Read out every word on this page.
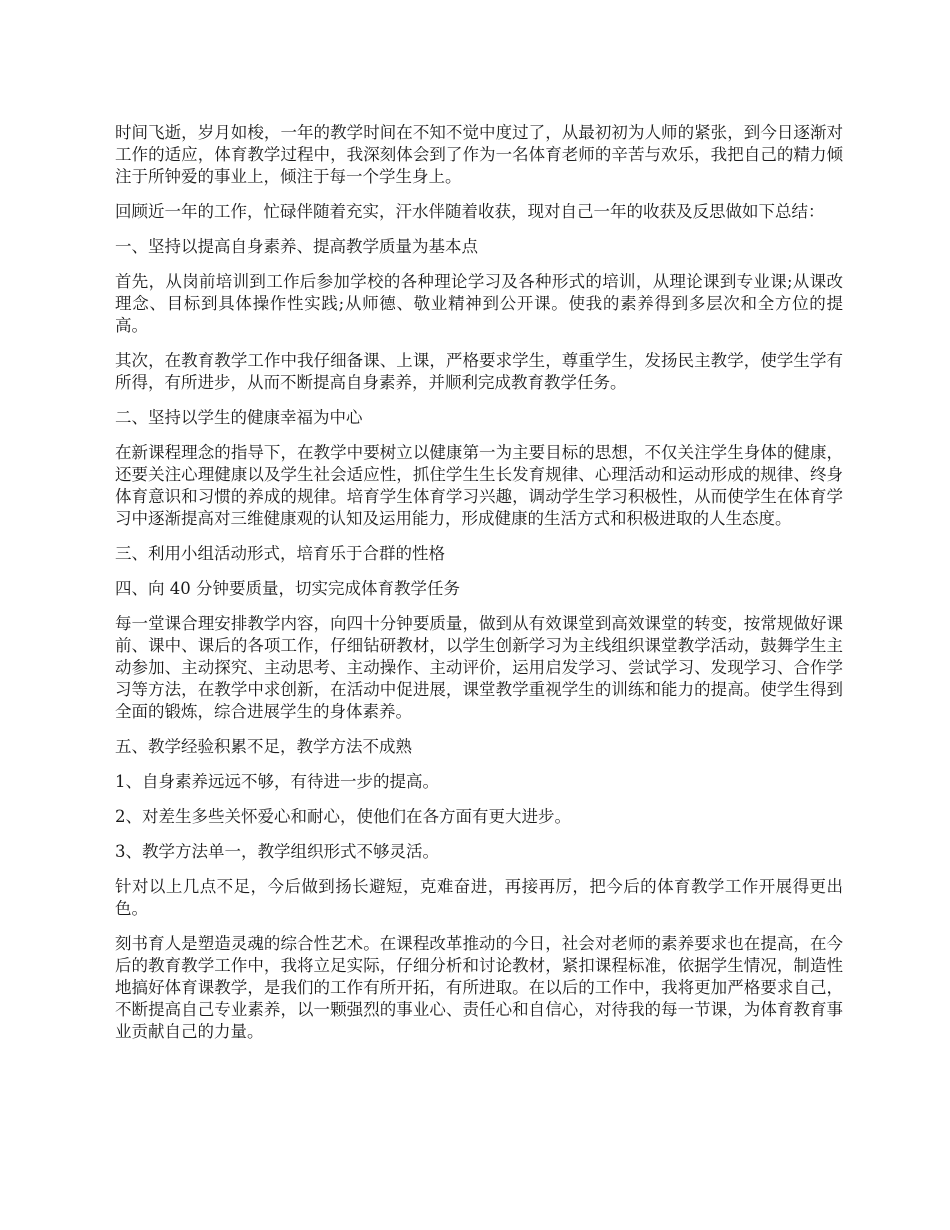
时间飞逝，岁月如梭，一年的教学时间在不知不觉中度过了，从最初初为人师的紧张，到今日逐渐对工作的适应，体育教学过程中，我深刻体会到了作为一名体育老师的辛苦与欢乐，我把自己的精力倾注于所钟爱的事业上，倾注于每一个学生身上。

回顾近一年的工作，忙碌伴随着充实，汗水伴随着收获，现对自己一年的收获及反思做如下总结：

一、坚持以提高自身素养、提高教学质量为基本点

首先，从岗前培训到工作后参加学校的各种理论学习及各种形式的培训，从理论课到专业课;从课改理念、目标到具体操作性实践;从师德、敬业精神到公开课。使我的素养得到多层次和全方位的提高。

其次，在教育教学工作中我仔细备课、上课，严格要求学生，尊重学生，发扬民主教学，使学生学有所得，有所进步，从而不断提高自身素养，并顺利完成教育教学任务。

二、坚持以学生的健康幸福为中心

在新课程理念的指导下，在教学中要树立以健康第一为主要目标的思想，不仅关注学生身体的健康，还要关注心理健康以及学生社会适应性，抓住学生生长发育规律、心理活动和运动形成的规律、终身体育意识和习惯的养成的规律。培育学生体育学习兴趣，调动学生学习积极性，从而使学生在体育学习中逐渐提高对三维健康观的认知及运用能力，形成健康的生活方式和积极进取的人生态度。

三、利用小组活动形式，培育乐于合群的性格

四、向 40 分钟要质量，切实完成体育教学任务

每一堂课合理安排教学内容，向四十分钟要质量，做到从有效课堂到高效课堂的转变，按常规做好课前、课中、课后的各项工作，仔细钻研教材，以学生创新学习为主线组织课堂教学活动，鼓舞学生主动参加、主动探究、主动思考、主动操作、主动评价，运用启发学习、尝试学习、发现学习、合作学习等方法，在教学中求创新，在活动中促进展，课堂教学重视学生的训练和能力的提高。使学生得到全面的锻炼，综合进展学生的身体素养。

五、教学经验积累不足，教学方法不成熟

1、自身素养远远不够，有待进一步的提高。

2、对差生多些关怀爱心和耐心，使他们在各方面有更大进步。

3、教学方法单一，教学组织形式不够灵活。

针对以上几点不足，今后做到扬长避短，克难奋进，再接再厉，把今后的体育教学工作开展得更出色。

刻书育人是塑造灵魂的综合性艺术。在课程改革推动的今日，社会对老师的素养要求也在提高，在今后的教育教学工作中，我将立足实际，仔细分析和讨论教材，紧扣课程标准，依据学生情况，制造性地搞好体育课教学，是我们的工作有所开拓，有所进取。在以后的工作中，我将更加严格要求自己，不断提高自己专业素养，以一颗强烈的事业心、责任心和自信心，对待我的每一节课，为体育教育事业贡献自己的力量。
